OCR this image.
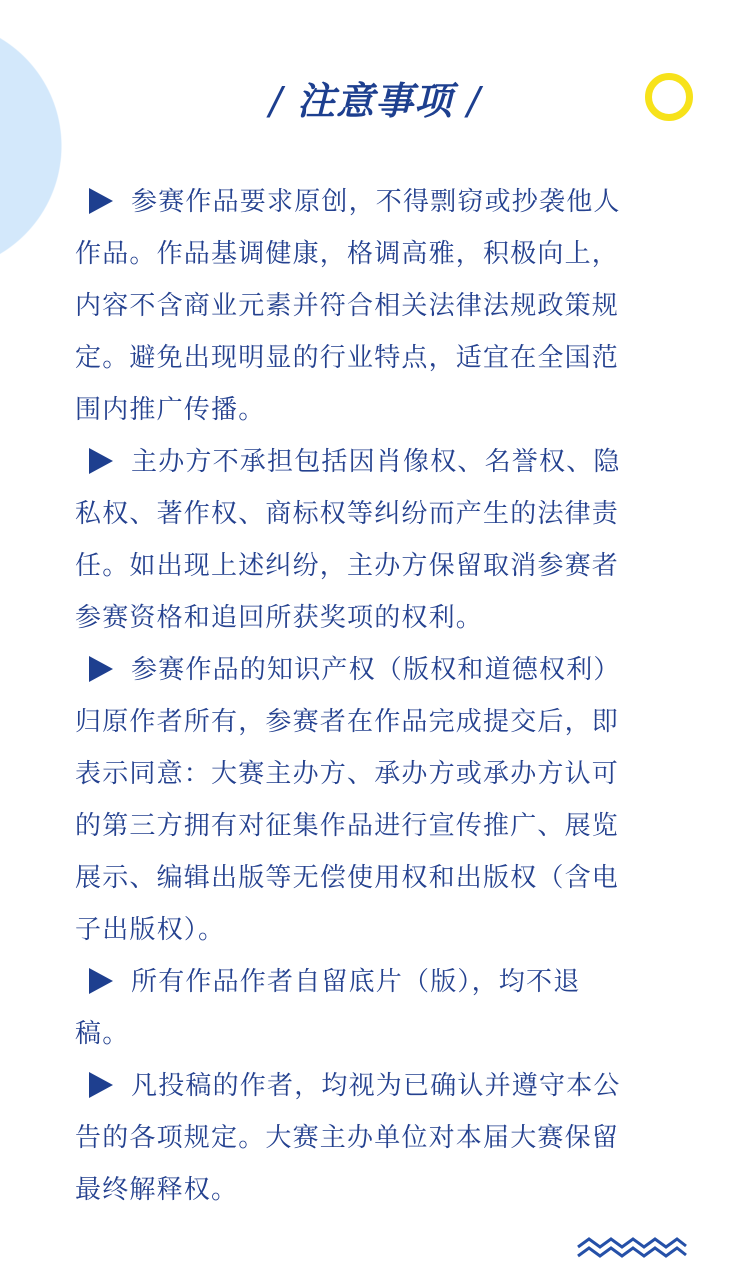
/ 注意事项 /
参赛作品要求原创，不得剽窃或抄袭他人
作品。作品基调健康，格调高雅，积极向上，
内容不含商业元素并符合相关法律法规政策规
定。避免出现明显的行业特点，适宜在全国范
围内推广传播。
主办方不承担包括因肖像权、名誉权、隐
私权、著作权、商标权等纠纷而产生的法律责
任。如出现上述纠纷，主办方保留取消参赛者
参赛资格和追回所获奖项的权利。
参赛作品的知识产权（版权和道德权利）
归原作者所有，参赛者在作品完成提交后，即
表示同意：大赛主办方、承办方或承办方认可
的第三方拥有对征集作品进行宣传推广、展览
展示、编辑出版等无偿使用权和出版权（含电
子出版权）。
所有作品作者自留底片（版），均不退
稿。
凡投稿的作者，均视为已确认并遵守本公
告的各项规定。大赛主办单位对本届大赛保留
最终解释权。
